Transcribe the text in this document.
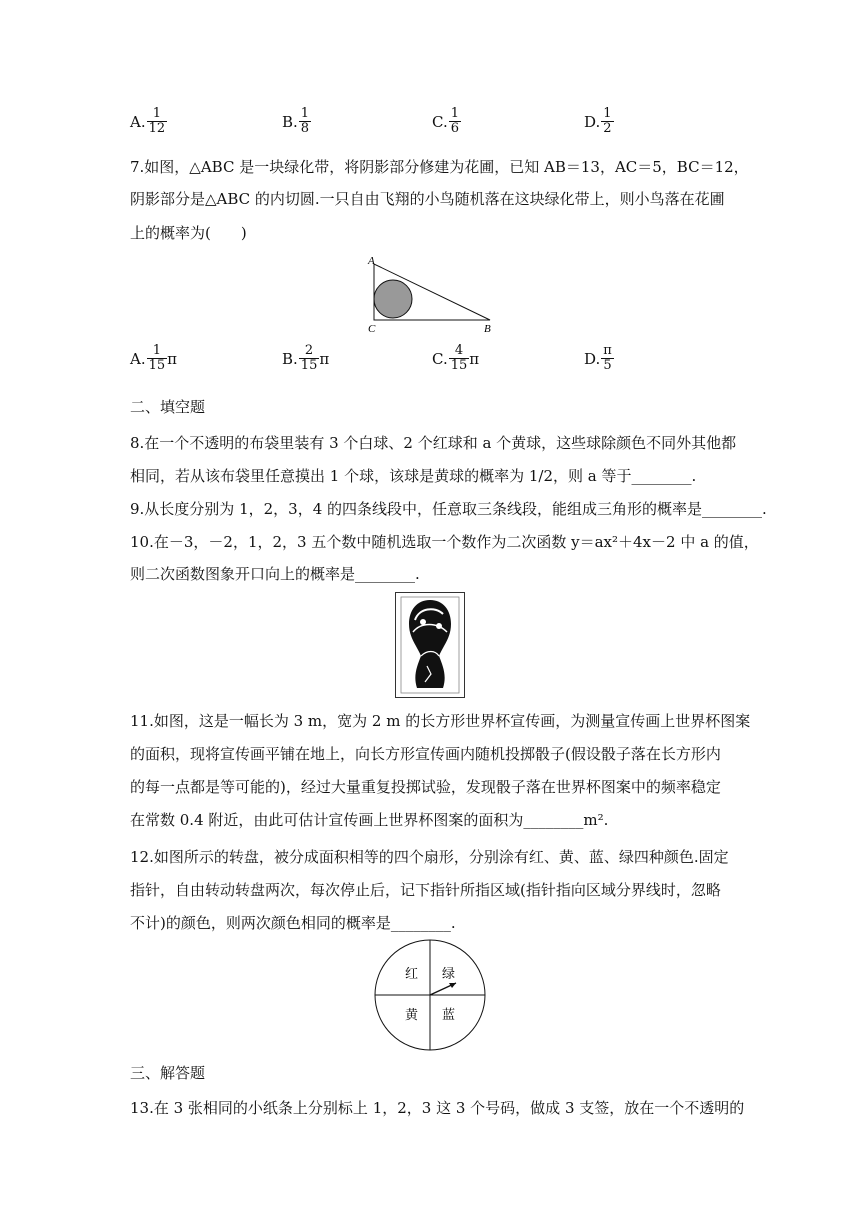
A. $\frac{1}{12}$	B. $\frac{1}{8}$	C. $\frac{1}{6}$	D. $\frac{1}{2}$
7.如图，△ABC 是一块绿化带，将阴影部分修建为花圃，已知 AB＝13，AC＝5，BC＝12，
阴影部分是△ABC 的内切圆.一只自由飞翔的小鸟随机落在这块绿化带上，则小鸟落在花圃
上的概率为(　　)
A
C	B
A. $\frac{1}{15}$ π	B. $\frac{2}{15}$ π	C. $\frac{4}{15}$ π	D. $\frac{\pi}{5}$
二、填空题
8.在一个不透明的布袋里装有 3 个白球、2 个红球和 a 个黄球，这些球除颜色不同外其他都
相同，若从该布袋里任意摸出 1 个球，该球是黄球的概率为 1/2，则 a 等于________.
9.从长度分别为 1，2，3，4 的四条线段中，任意取三条线段，能组成三角形的概率是________.
10.在－3，－2，1，2，3 五个数中随机选取一个数作为二次函数 y＝ax²＋4x－2 中 a 的值，
则二次函数图象开口向上的概率是________.
11.如图，这是一幅长为 3 m，宽为 2 m 的长方形世界杯宣传画，为测量宣传画上世界杯图案
的面积，现将宣传画平铺在地上，向长方形宣传画内随机投掷骰子(假设骰子落在长方形内
的每一点都是等可能的)，经过大量重复投掷试验，发现骰子落在世界杯图案中的频率稳定
在常数 0.4 附近，由此可估计宣传画上世界杯图案的面积为________m².
12.如图所示的转盘，被分成面积相等的四个扇形，分别涂有红、黄、蓝、绿四种颜色.固定
指针，自由转动转盘两次，每次停止后，记下指针所指区域(指针指向区域分界线时，忽略
不计)的颜色，则两次颜色相同的概率是________.
红 绿
黄 蓝
三、解答题
13.在 3 张相同的小纸条上分别标上 1，2，3 这 3 个号码，做成 3 支签，放在一个不透明的
